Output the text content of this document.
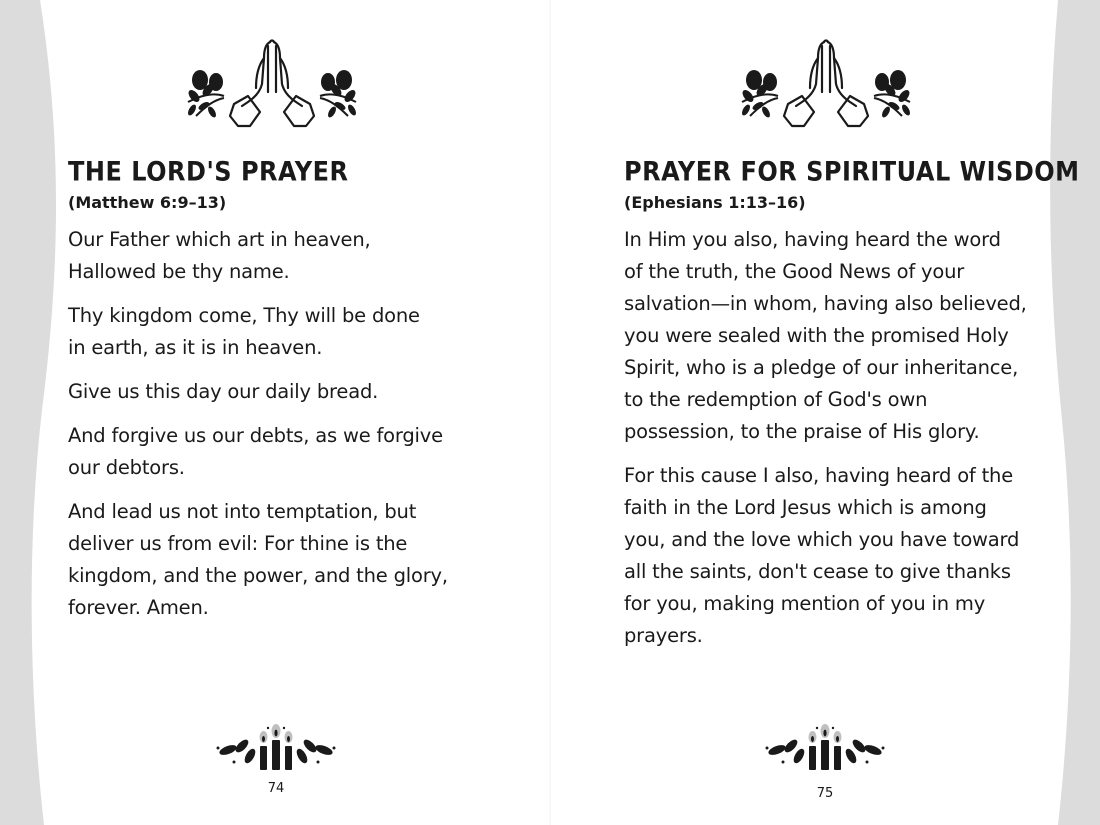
THE LORD'S PRAYER
(Matthew 6:9–13)

Our Father which art in heaven,
Hallowed be thy name.

Thy kingdom come, Thy will be done
in earth, as it is in heaven.

Give us this day our daily bread.

And forgive us our debts, as we forgive
our debtors.

And lead us not into temptation, but
deliver us from evil: For thine is the
kingdom, and the power, and the glory,
forever. Amen.

74
PRAYER FOR SPIRITUAL WISDOM
(Ephesians 1:13–16)

In Him you also, having heard the word
of the truth, the Good News of your
salvation—in whom, having also believed,
you were sealed with the promised Holy
Spirit, who is a pledge of our inheritance,
to the redemption of God's own
possession, to the praise of His glory.

For this cause I also, having heard of the
faith in the Lord Jesus which is among
you, and the love which you have toward
all the saints, don't cease to give thanks
for you, making mention of you in my
prayers.

75
